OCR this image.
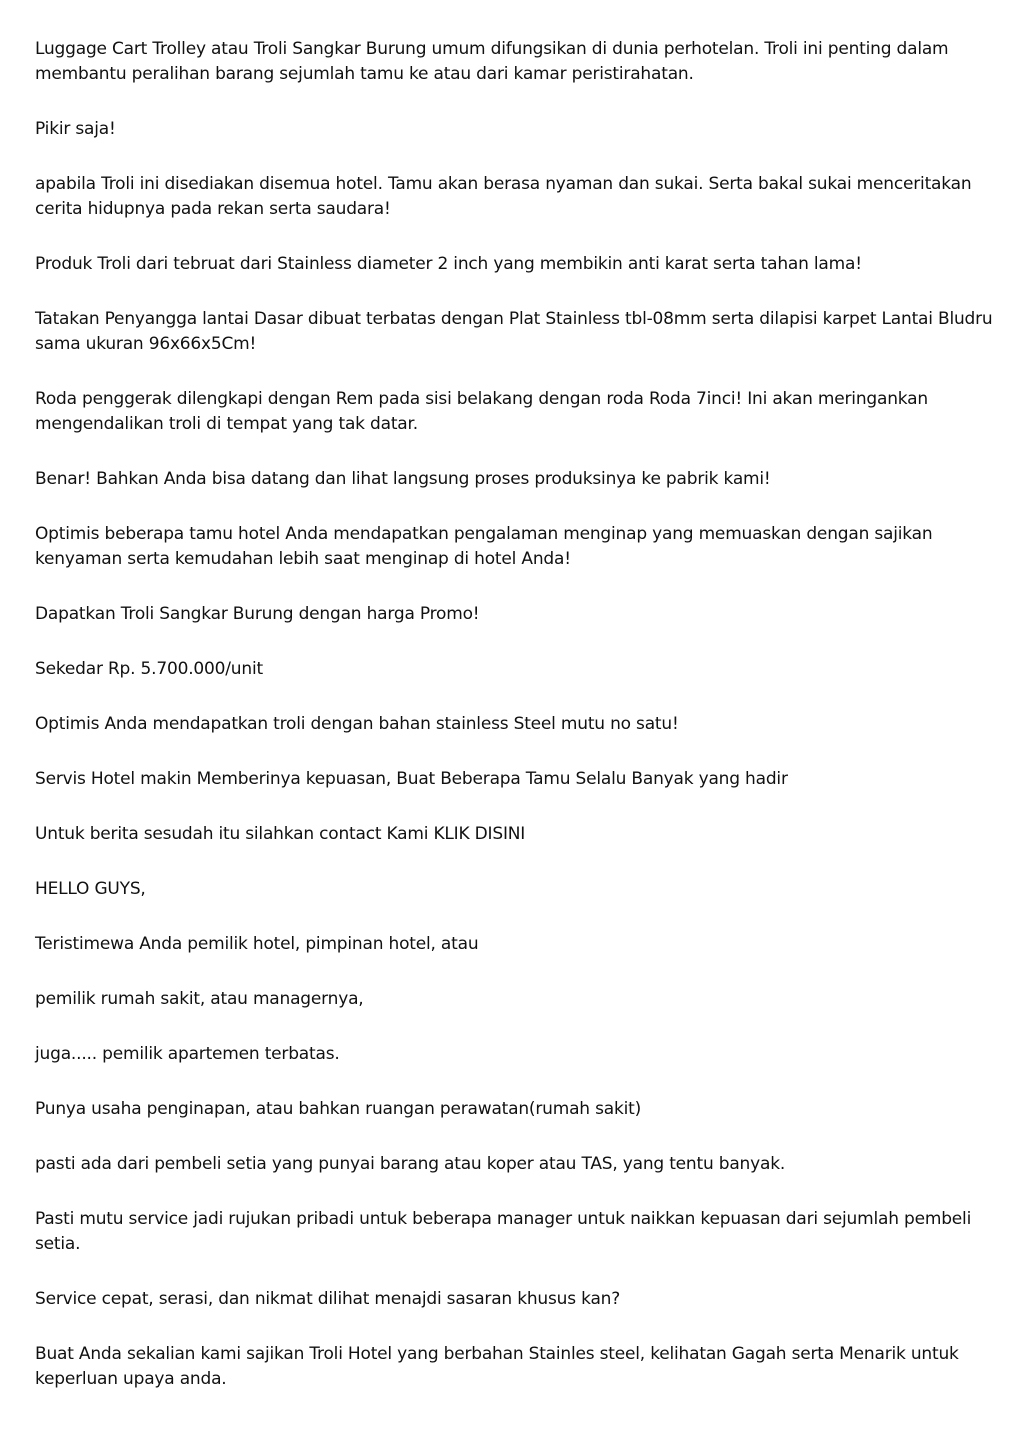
Luggage Cart Trolley atau Troli Sangkar Burung umum difungsikan di dunia perhotelan. Troli ini penting dalam membantu peralihan barang sejumlah tamu ke atau dari kamar peristirahatan.

Pikir saja!

apabila Troli ini disediakan disemua hotel. Tamu akan berasa nyaman dan sukai. Serta bakal sukai menceritakan cerita hidupnya pada rekan serta saudara!

Produk Troli dari tebruat dari Stainless diameter 2 inch yang membikin anti karat serta tahan lama!

Tatakan Penyangga lantai Dasar dibuat terbatas dengan Plat Stainless tbl-08mm serta dilapisi karpet Lantai Bludru sama ukuran 96x66x5Cm!

Roda penggerak dilengkapi dengan Rem pada sisi belakang dengan roda Roda 7inci! Ini akan meringankan mengendalikan troli di tempat yang tak datar.

Benar! Bahkan Anda bisa datang dan lihat langsung proses produksinya ke pabrik kami!

Optimis beberapa tamu hotel Anda mendapatkan pengalaman menginap yang memuaskan dengan sajikan kenyaman serta kemudahan lebih saat menginap di hotel Anda!

Dapatkan Troli Sangkar Burung dengan harga Promo!

Sekedar Rp. 5.700.000/unit

Optimis Anda mendapatkan troli dengan bahan stainless Steel mutu no satu!

Servis Hotel makin Memberinya kepuasan, Buat Beberapa Tamu Selalu Banyak yang hadir

Untuk berita sesudah itu silahkan contact Kami KLIK DISINI

HELLO GUYS,

Teristimewa Anda pemilik hotel, pimpinan hotel, atau

pemilik rumah sakit, atau managernya,

juga..... pemilik apartemen terbatas.

Punya usaha penginapan, atau bahkan ruangan perawatan(rumah sakit)

pasti ada dari pembeli setia yang punyai barang atau koper atau TAS, yang tentu banyak.

Pasti mutu service jadi rujukan pribadi untuk beberapa manager untuk naikkan kepuasan dari sejumlah pembeli setia.

Service cepat, serasi, dan nikmat dilihat menajdi sasaran khusus kan?

Buat Anda sekalian kami sajikan Troli Hotel yang berbahan Stainles steel, kelihatan Gagah serta Menarik untuk keperluan upaya anda.
